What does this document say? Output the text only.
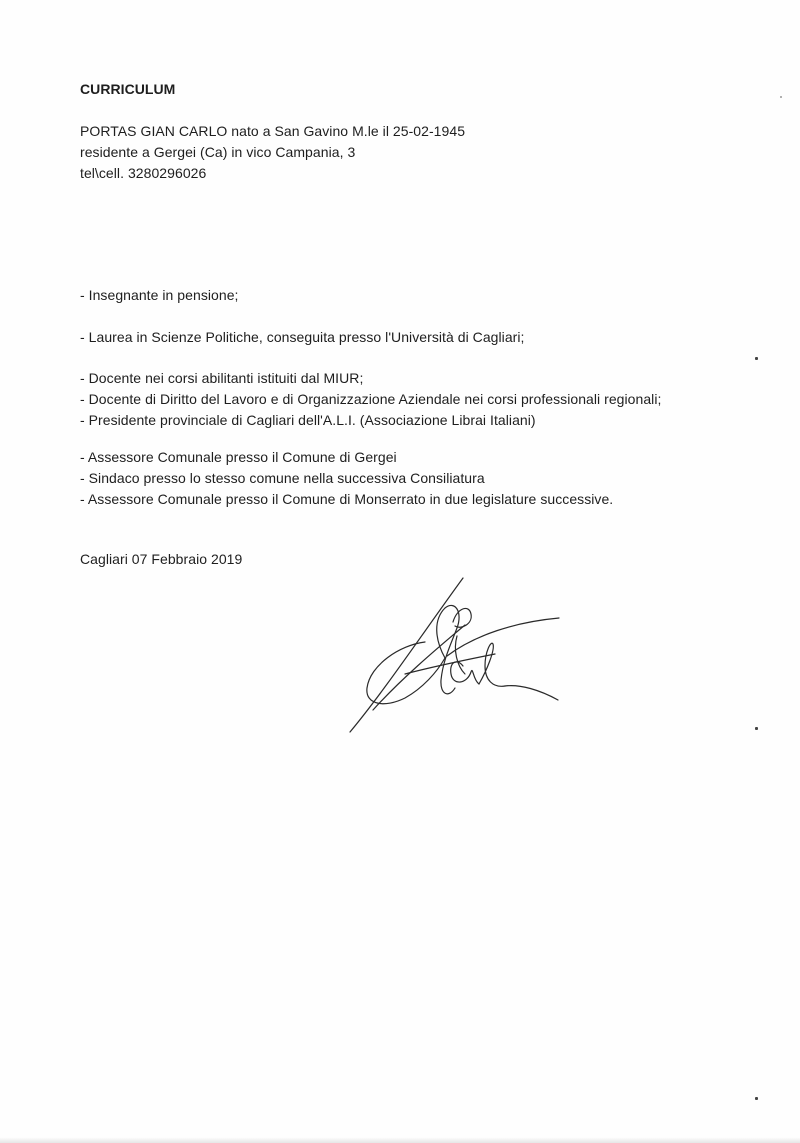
CURRICULUM
PORTAS GIAN CARLO nato a San Gavino M.le il 25-02-1945
residente a Gergei (Ca) in vico Campania, 3
tel\cell. 3280296026
- Insegnante in pensione;
- Laurea in Scienze Politiche, conseguita presso l'Università di Cagliari;
- Docente nei corsi abilitanti istituiti dal MIUR;
- Docente di Diritto del Lavoro e di Organizzazione Aziendale nei corsi professionali regionali;
- Presidente provinciale di Cagliari dell'A.L.I. (Associazione Librai Italiani)
- Assessore Comunale presso il Comune di Gergei
- Sindaco presso lo stesso comune nella successiva Consiliatura
- Assessore Comunale presso il Comune di Monserrato in due legislature successive.
Cagliari 07 Febbraio 2019
